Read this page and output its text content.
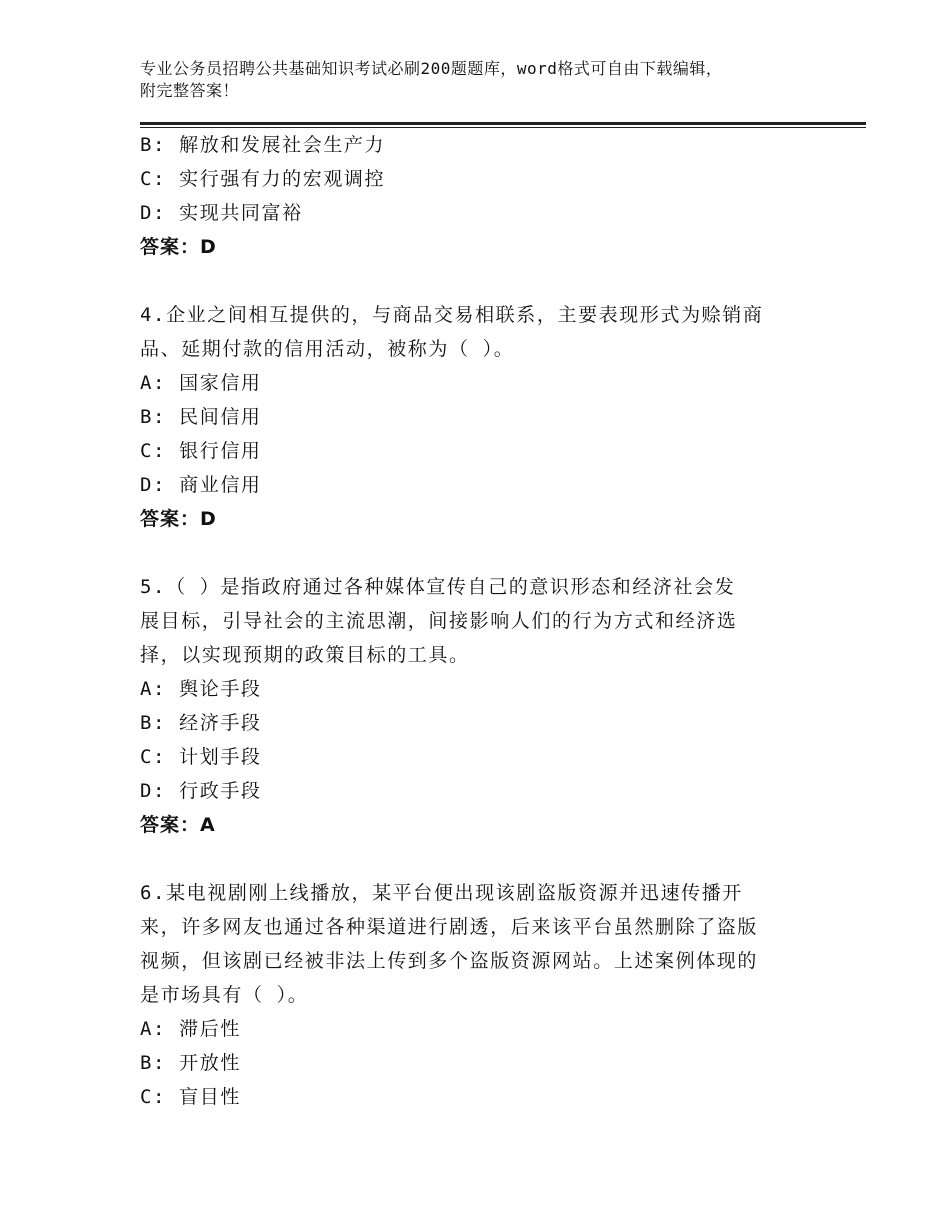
专业公务员招聘公共基础知识考试必刷200题题库，word格式可自由下载编辑，
附完整答案！
B: 解放和发展社会生产力
C: 实行强有力的宏观调控
D: 实现共同富裕
答案：D
4.企业之间相互提供的，与商品交易相联系，主要表现形式为赊销商
品、延期付款的信用活动，被称为（ ）。
A: 国家信用
B: 民间信用
C: 银行信用
D: 商业信用
答案：D
5.（ ）是指政府通过各种媒体宣传自己的意识形态和经济社会发
展目标，引导社会的主流思潮，间接影响人们的行为方式和经济选
择，以实现预期的政策目标的工具。
A: 舆论手段
B: 经济手段
C: 计划手段
D: 行政手段
答案：A
6.某电视剧刚上线播放，某平台便出现该剧盗版资源并迅速传播开
来，许多网友也通过各种渠道进行剧透，后来该平台虽然删除了盗版
视频，但该剧已经被非法上传到多个盗版资源网站。上述案例体现的
是市场具有（ ）。
A: 滞后性
B: 开放性
C: 盲目性
